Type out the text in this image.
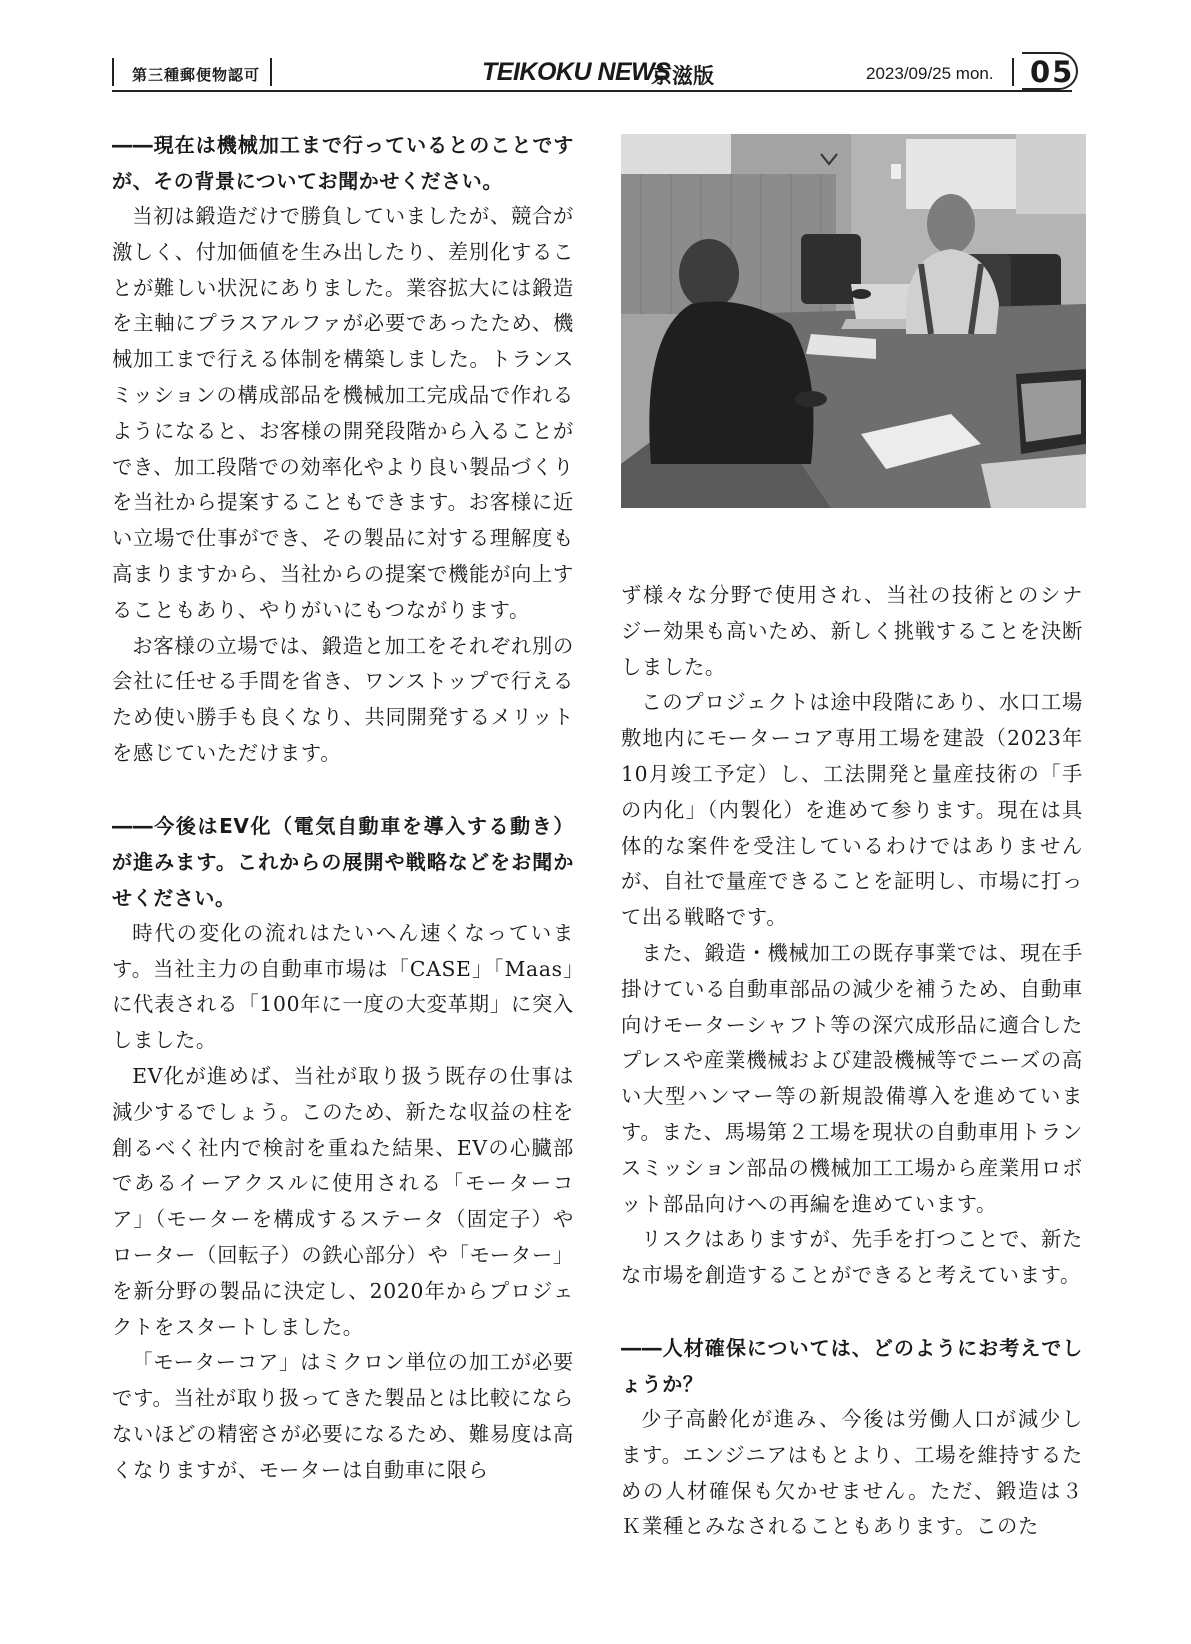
第三種郵便物認可	TEIKOKU NEWS
京滋版	2023/09/25 mon. 05

――現在は機械加工まで行っているとのことですが、その背景についてお聞かせください。

当初は鍛造だけで勝負していましたが、競合が激しく、付加価値を生み出したり、差別化することが難しい状況にありました。業容拡大には鍛造を主軸にプラスアルファが必要であったため、機械加工まで行える体制を構築しました。トランスミッションの構成部品を機械加工完成品で作れるようになると、お客様の開発段階から入ることができ、加工段階での効率化やより良い製品づくりを当社から提案することもできます。お客様に近い立場で仕事ができ、その製品に対する理解度も高まりますから、当社からの提案で機能が向上することもあり、やりがいにもつながります。

お客様の立場では、鍛造と加工をそれぞれ別の会社に任せる手間を省き、ワンストップで行えるため使い勝手も良くなり、共同開発するメリットを感じていただけます。

――今後はEV化（電気自動車を導入する動き）が進みます。これからの展開や戦略などをお聞かせください。

時代の変化の流れはたいへん速くなっています。当社主力の自動車市場は「CASE」「Maas」に代表される「100年に一度の大変革期」に突入しました。

EV化が進めば、当社が取り扱う既存の仕事は減少するでしょう。このため、新たな収益の柱を創るべく社内で検討を重ねた結果、EVの心臓部であるイーアクスルに使用される「モーターコア」（モーターを構成するステータ（固定子）やローター（回転子）の鉄心部分）や「モーター」を新分野の製品に決定し、2020年からプロジェクトをスタートしました。

「モーターコア」はミクロン単位の加工が必要です。当社が取り扱ってきた製品とは比較にならないほどの精密さが必要になるため、難易度は高くなりますが、モーターは自動車に限ら

ず様々な分野で使用され、当社の技術とのシナジー効果も高いため、新しく挑戦することを決断しました。

このプロジェクトは途中段階にあり、水口工場敷地内にモーターコア専用工場を建設（2023年10月竣工予定）し、工法開発と量産技術の「手の内化」（内製化）を進めて参ります。現在は具体的な案件を受注しているわけではありませんが、自社で量産できることを証明し、市場に打って出る戦略です。

また、鍛造・機械加工の既存事業では、現在手掛けている自動車部品の減少を補うため、自動車向けモーターシャフト等の深穴成形品に適合したプレスや産業機械および建設機械等でニーズの高い大型ハンマー等の新規設備導入を進めています。また、馬場第２工場を現状の自動車用トランスミッション部品の機械加工工場から産業用ロボット部品向けへの再編を進めています。

リスクはありますが、先手を打つことで、新たな市場を創造することができると考えています。

――人材確保については、どのようにお考えでしょうか？

少子高齢化が進み、今後は労働人口が減少します。エンジニアはもとより、工場を維持するための人材確保も欠かせません。ただ、鍛造は３Ｋ業種とみなされることもあります。このた
